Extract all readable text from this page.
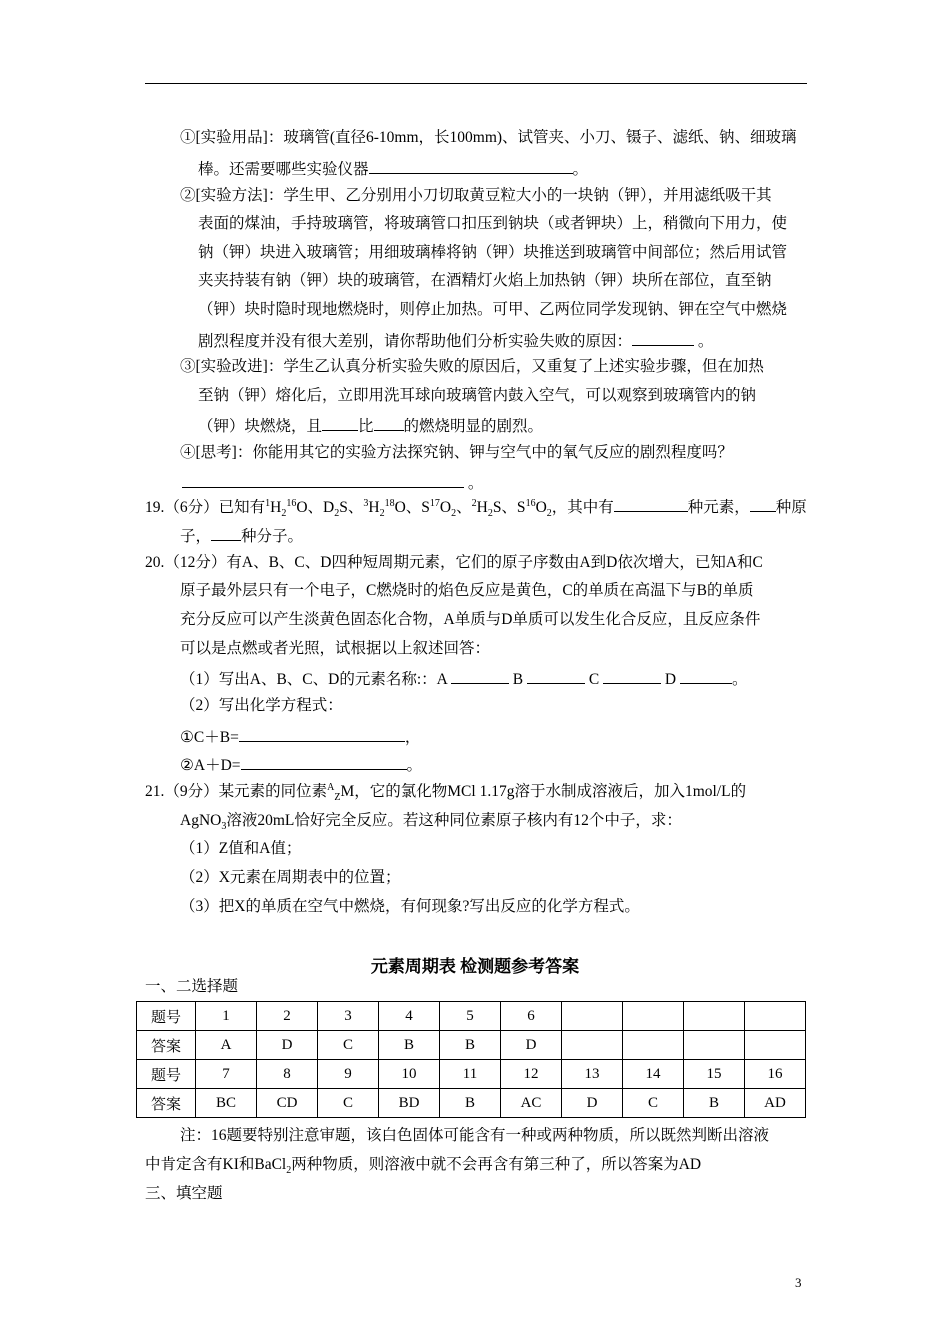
①[实验用品]：玻璃管(直径6-10mm，长100mm)、试管夹、小刀、镊子、滤纸、钠、细玻璃
棒。还需要哪些实验仪器	。
②[实验方法]：学生甲、乙分别用小刀切取黄豆粒大小的一块钠（钾），并用滤纸吸干其
表面的煤油，手持玻璃管，将玻璃管口扣压到钠块（或者钾块）上，稍微向下用力，使
钠（钾）块进入玻璃管；用细玻璃棒将钠（钾）块推送到玻璃管中间部位；然后用试管
夹夹持装有钠（钾）块的玻璃管，在酒精灯火焰上加热钠（钾）块所在部位，直至钠
（钾）块时隐时现地燃烧时，则停止加热。可甲、乙两位同学发现钠、钾在空气中燃烧
剧烈程度并没有很大差别，请你帮助他们分析实验失败的原因：	。
③[实验改进]：学生乙认真分析实验失败的原因后，又重复了上述实验步骤，但在加热
至钠（钾）熔化后，立即用洗耳球向玻璃管内鼓入空气，可以观察到玻璃管内的钠
（钾）块燃烧，且 比 的燃烧明显的剧烈。
④[思考]：你能用其它的实验方法探究钠、钾与空气中的氧气反应的剧烈程度吗？
。
19.（6分）已知有$^1H_2^{16}O$、$D_2S$、$^3H_2^{18}O$、$S^{17}O_2$、$^2H_2S$、$S^{16}O_2$，其中有	种元素， 种原
子， 种分子。
20.（12分）有A、B、C、D四种短周期元素，它们的原子序数由A到D依次增大，已知A和C
原子最外层只有一个电子，C燃烧时的焰色反应是黄色，C的单质在高温下与B的单质
充分反应可以产生淡黄色固态化合物，A单质与D单质可以发生化合反应，且反应条件
可以是点燃或者光照，试根据以上叙述回答：
（1）写出A、B、C、D的元素名称:：A	B	C	D	。
（2）写出化学方程式：
①C＋B=	，
②A＋D=	。
21.（9分）某元素的同位素$^A_Z$M，它的氯化物MCl 1.17g溶于水制成溶液后，加入1mol/L的
AgNO$_3$溶液20mL恰好完全反应。若这种同位素原子核内有12个中子，求：
（1）Z值和A值；
（2）X元素在周期表中的位置；
（3）把X的单质在空气中燃烧，有何现象?写出反应的化学方程式。
元素周期表 检测题参考答案
一、二选择题
题号	1	2	3	4	5	6				
答案	A	D	C	B	B	D				
题号	7	8	9	10	11	12	13	14	15	16
答案	BC	CD	C	BD	B	AC	D	C	B	AD
注：16题要特别注意审题，该白色固体可能含有一种或两种物质，所以既然判断出溶液
中肯定含有KI和BaCl$_2$两种物质，则溶液中就不会再含有第三种了，所以答案为AD
三、填空题
3
